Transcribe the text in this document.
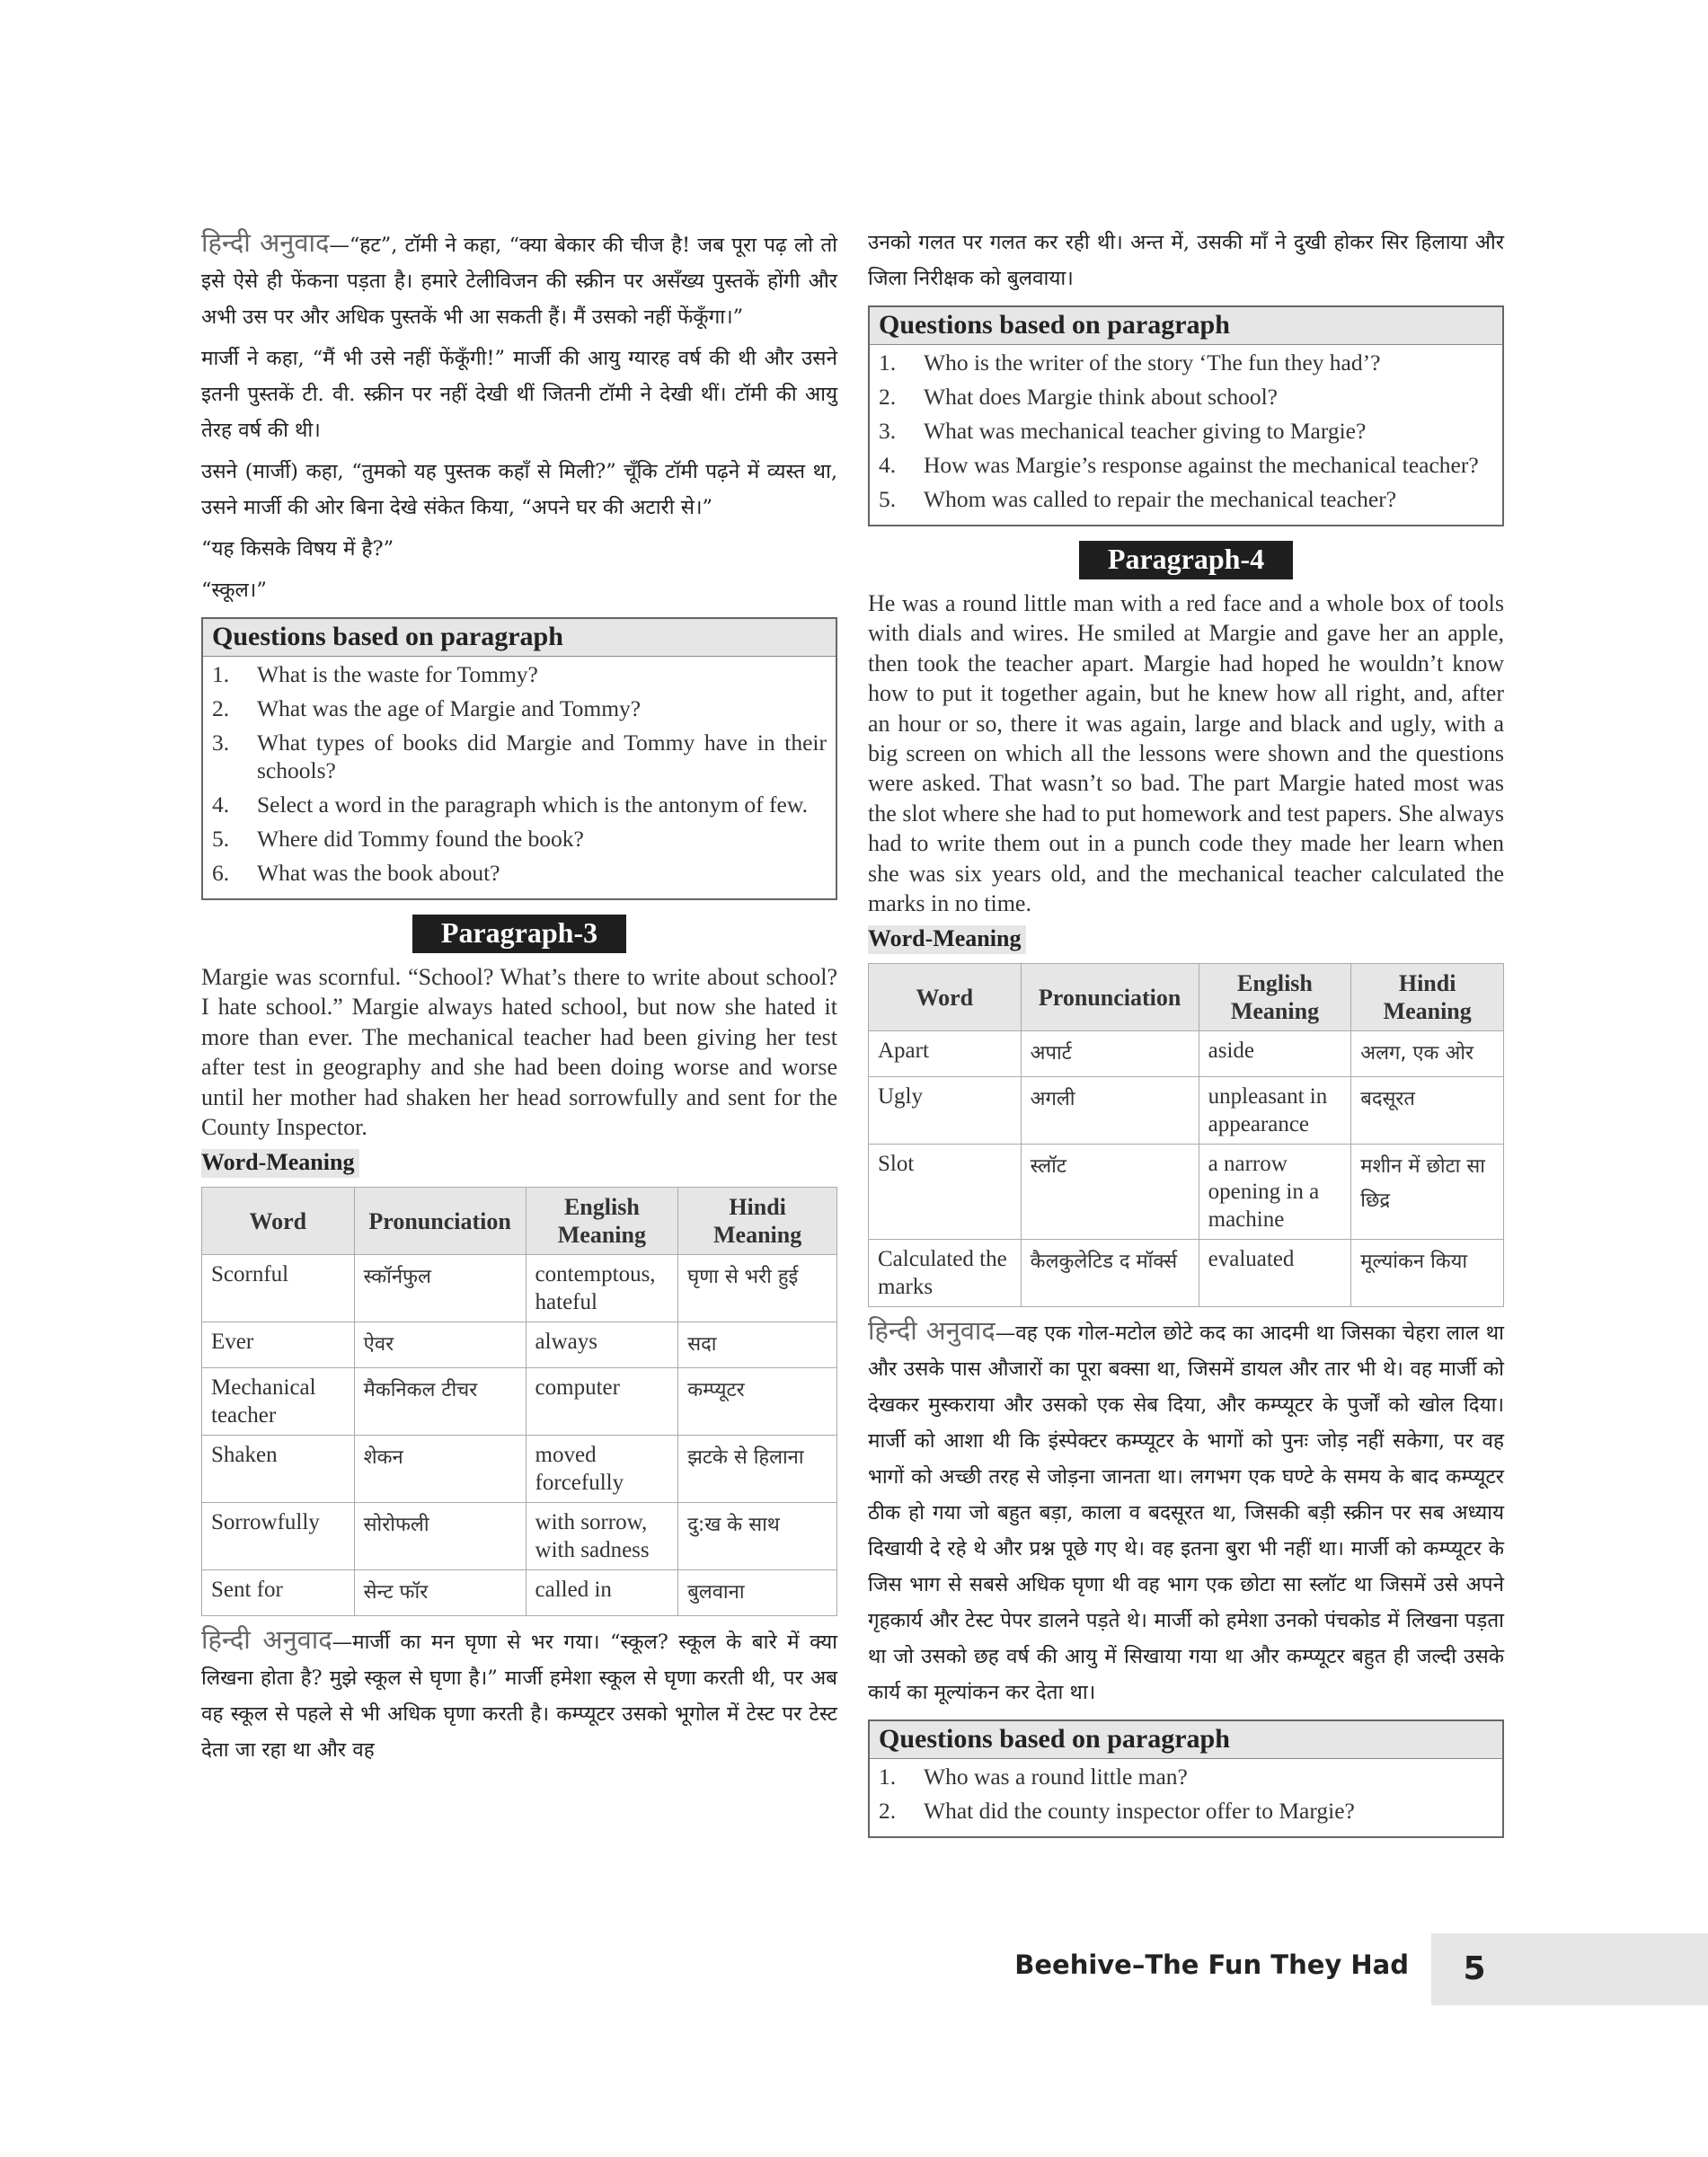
हिन्दी अनुवाद—“हट”, टॉमी ने कहा, “क्या बेकार की चीज है! जब पूरा पढ़ लो तो इसे ऐसे ही फेंकना पड़ता है। हमारे टेलीविजन की स्क्रीन पर असँख्य पुस्तकें होंगी और अभी उस पर और अधिक पुस्तकें भी आ सकती हैं। मैं उसको नहीं फेंकूँगा।”

मार्जी ने कहा, “मैं भी उसे नहीं फेंकूँगी!” मार्जी की आयु ग्यारह वर्ष की थी और उसने इतनी पुस्तकें टी. वी. स्क्रीन पर नहीं देखी थीं जितनी टॉमी ने देखी थीं। टॉमी की आयु तेरह वर्ष की थी।

उसने (मार्जी) कहा, “तुमको यह पुस्तक कहाँ से मिली?” चूँकि टॉमी पढ़ने में व्यस्त था, उसने मार्जी की ओर बिना देखे संकेत किया, “अपने घर की अटारी से।”

“यह किसके विषय में है?”

“स्कूल।”

Questions based on paragraph
1.	What is the waste for Tommy?
2.	What was the age of Margie and Tommy?
3.	What types of books did Margie and Tommy have in their schools?
4.	Select a word in the paragraph which is the antonym of few.
5.	Where did Tommy found the book?
6.	What was the book about?
Paragraph-3

Margie was scornful. “School? What’s there to write about school? I hate school.” Margie always hated school, but now she hated it more than ever. The mechanical teacher had been giving her test after test in geography and she had been doing worse and worse until her mother had shaken her head sorrowfully and sent for the County Inspector.

Word-Meaning
Word	Pronunciation	English Meaning	Hindi Meaning
Scornful	स्कॉर्नफुल	contemptous, hateful	घृणा से भरी हुई
Ever	ऐवर	always	सदा
Mechanical teacher	मैकनिकल टीचर	computer	कम्प्यूटर
Shaken	शेकन	moved forcefully	झटके से हिलाना
Sorrowfully	सोरोफली	with sorrow, with sadness	दु:ख के साथ
Sent for	सेन्ट फॉर	called in	बुलवाना

हिन्दी अनुवाद—मार्जी का मन घृणा से भर गया। “स्कूल? स्कूल के बारे में क्या लिखना होता है? मुझे स्कूल से घृणा है।” मार्जी हमेशा स्कूल से घृणा करती थी, पर अब वह स्कूल से पहले से भी अधिक घृणा करती है। कम्प्यूटर उसको भूगोल में टेस्ट पर टेस्ट देता जा रहा था और वह

उनको गलत पर गलत कर रही थी। अन्त में, उसकी माँ ने दुखी होकर सिर हिलाया और जिला निरीक्षक को बुलवाया।

Questions based on paragraph
1.	Who is the writer of the story ‘The fun they had’?
2.	What does Margie think about school?
3.	What was mechanical teacher giving to Margie?
4.	How was Margie’s response against the mechanical teacher?
5.	Whom was called to repair the mechanical teacher?
Paragraph-4

He was a round little man with a red face and a whole box of tools with dials and wires. He smiled at Margie and gave her an apple, then took the teacher apart. Margie had hoped he wouldn’t know how to put it together again, but he knew how all right, and, after an hour or so, there it was again, large and black and ugly, with a big screen on which all the lessons were shown and the questions were asked. That wasn’t so bad. The part Margie hated most was the slot where she had to put homework and test papers. She always had to write them out in a punch code they made her learn when she was six years old, and the mechanical teacher calculated the marks in no time.

Word-Meaning
Word	Pronunciation	English Meaning	Hindi Meaning
Apart	अपार्ट	aside	अलग, एक ओर
Ugly	अगली	unpleasant in appearance	बदसूरत
Slot	स्लॉट	a narrow opening in a machine	मशीन में छोटा सा छिद्र
Calculated the marks	कैलकुलेटिड द मॉर्क्स	evaluated	मूल्यांकन किया

हिन्दी अनुवाद—वह एक गोल-मटोल छोटे कद का आदमी था जिसका चेहरा लाल था और उसके पास औजारों का पूरा बक्सा था, जिसमें डायल और तार भी थे। वह मार्जी को देखकर मुस्कराया और उसको एक सेब दिया, और कम्प्यूटर के पुर्जों को खोल दिया। मार्जी को आशा थी कि इंस्पेक्टर कम्प्यूटर के भागों को पुनः जोड़ नहीं सकेगा, पर वह भागों को अच्छी तरह से जोड़ना जानता था। लगभग एक घण्टे के समय के बाद कम्प्यूटर ठीक हो गया जो बहुत बड़ा, काला व बदसूरत था, जिसकी बड़ी स्क्रीन पर सब अध्याय दिखायी दे रहे थे और प्रश्न पूछे गए थे। वह इतना बुरा भी नहीं था। मार्जी को कम्प्यूटर के जिस भाग से सबसे अधिक घृणा थी वह भाग एक छोटा सा स्लॉट था जिसमें उसे अपने गृहकार्य और टेस्ट पेपर डालने पड़ते थे। मार्जी को हमेशा उनको पंचकोड में लिखना पड़ता था जो उसको छह वर्ष की आयु में सिखाया गया था और कम्प्यूटर बहुत ही जल्दी उसके कार्य का मूल्यांकन कर देता था।

Questions based on paragraph
1.	Who was a round little man?
2.	What did the county inspector offer to Margie?
Beehive–The Fun They Had	5
